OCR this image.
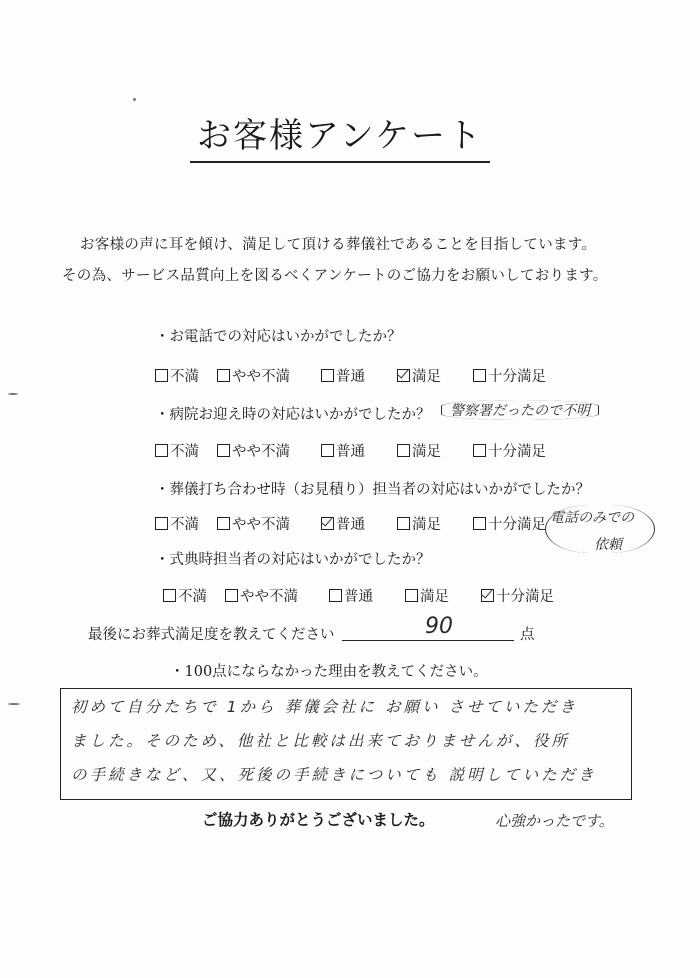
お客様アンケート
お客様の声に耳を傾け、満足して頂ける葬儀社であることを目指しています。
その為、サービス品質向上を図るべくアンケートのご協力をお願いしております。
・お電話での対応はいかがでしたか？
不満 やや不満	普通	満足	十分満足
・病院お迎え時の対応はいかがでしたか？	警察署だったので不明
不満 やや不満	普通	満足	十分満足
・葬儀打ち合わせ時（お見積り）担当者の対応はいかがでしたか？
不満 やや不満	普通	満足	十分満足 電話のみでの
依頼
・式典時担当者の対応はいかがでしたか？
不満 やや不満	普通	満足	十分満足
最後にお葬式満足度を教えてください	90	点
・100点にならなかった理由を教えてください。
初めて自分たちで 1から 葬儀会社に お願い させていただき
ました。そのため、他社と比較は出来ておりませんが、役所
の手続きなど、又、死後の手続きについても 説明していただき
ご協力ありがとうございました。	心強かったです。
